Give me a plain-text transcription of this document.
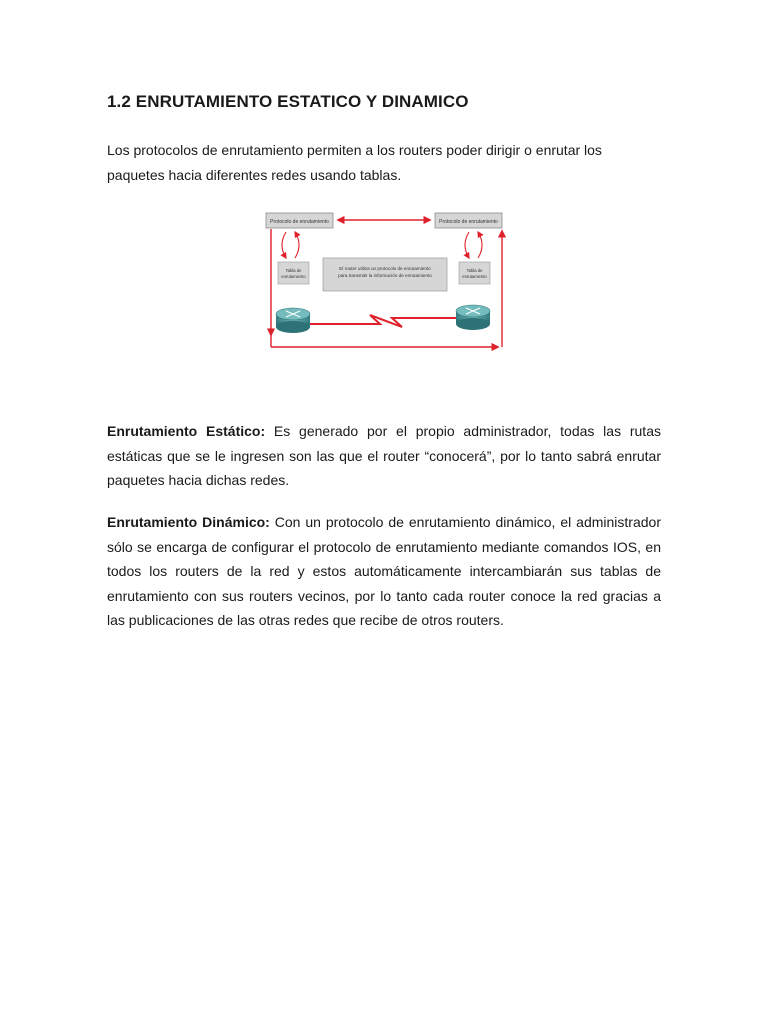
1.2 ENRUTAMIENTO ESTATICO Y DINAMICO

Los protocolos de enrutamiento permiten a los routers poder dirigir o enrutar los paquetes hacia diferentes redes usando tablas.

Protocolo de enrutamiento	Protocolo de enrutamiento
Tabla de
enrutamiento
Tabla de
enrutamiento
El router utiliza un protocolo de enrutamiento
para transmitir la información de enrutamiento

Enrutamiento Estático: Es generado por el propio administrador, todas las rutas estáticas que se le ingresen son las que el router “conocerá”, por lo tanto sabrá enrutar paquetes hacia dichas redes.

Enrutamiento Dinámico: Con un protocolo de enrutamiento dinámico, el administrador sólo se encarga de configurar el protocolo de enrutamiento mediante comandos IOS, en todos los routers de la red y estos automáticamente intercambiarán sus tablas de enrutamiento con sus routers vecinos, por lo tanto cada router conoce la red gracias a las publicaciones de las otras redes que recibe de otros routers.
